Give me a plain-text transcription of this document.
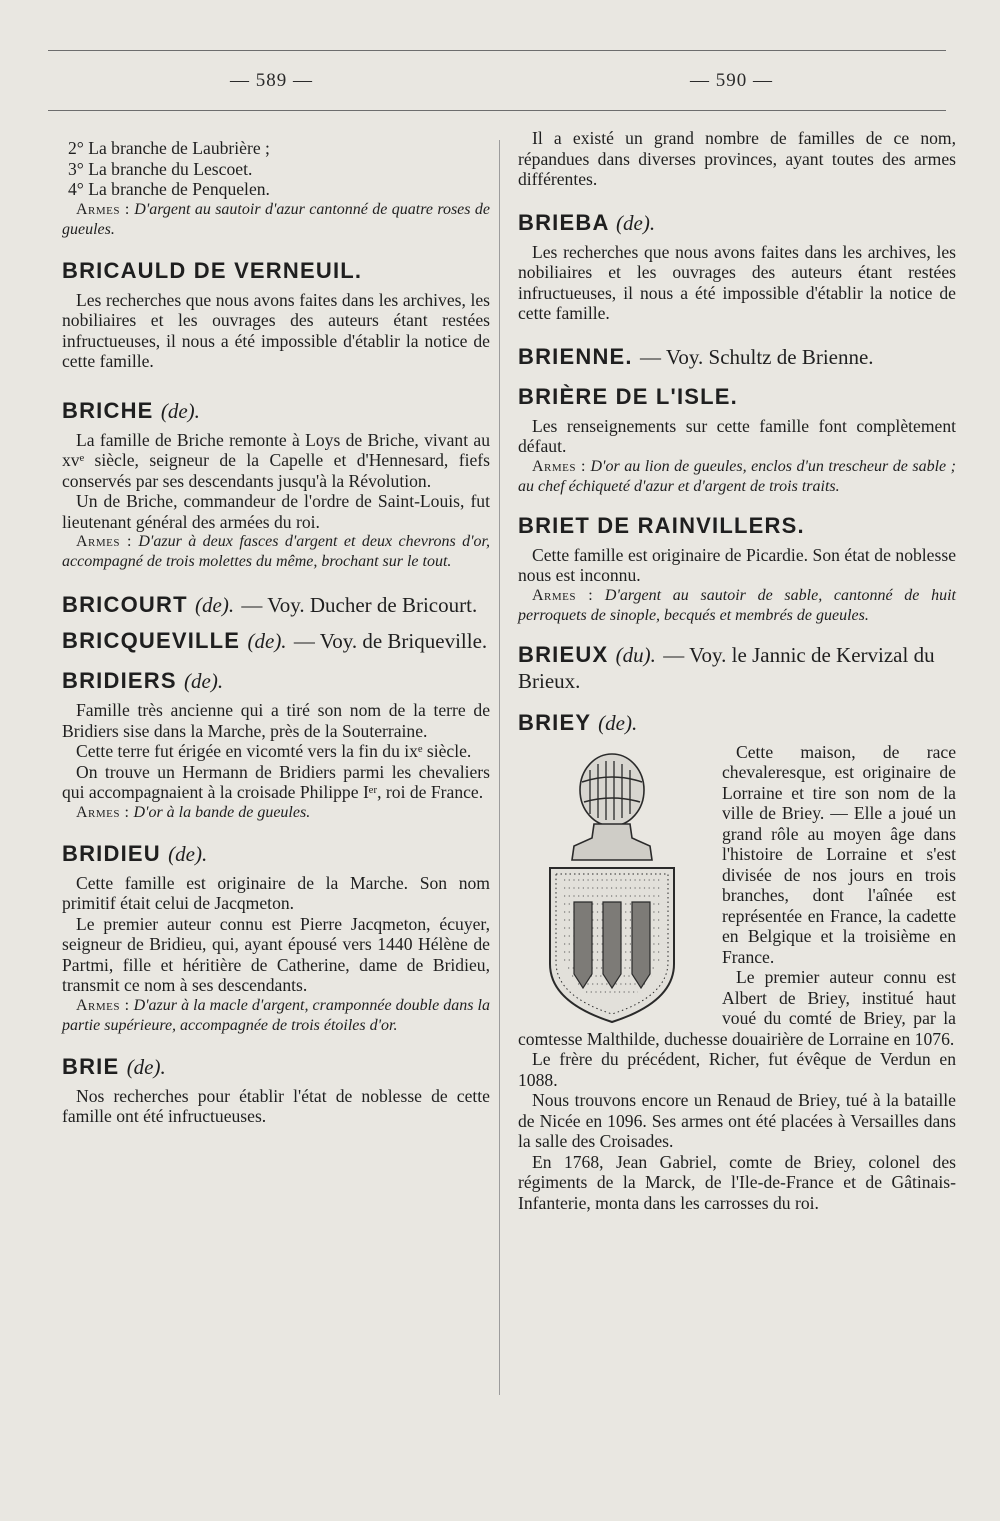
— 589 —	— 590 —

2° La branche de Laubrière ;

3° La branche du Lescoet.

4° La branche de Penquelen.

Armes : D'argent au sautoir d'azur cantonné de quatre roses de gueules.

BRICAULD DE VERNEUIL.

Les recherches que nous avons faites dans les archives, les nobiliaires et les ouvrages des auteurs étant restées infructueuses, il nous a été impossible d'établir la notice de cette famille.

BRICHE (de).

La famille de Briche remonte à Loys de Briche, vivant au xvᵉ siècle, seigneur de la Capelle et d'Hennesard, fiefs conservés par ses descendants jusqu'à la Révolution.

Un de Briche, commandeur de l'ordre de Saint-Louis, fut lieutenant général des armées du roi.

Armes : D'azur à deux fasces d'argent et deux chevrons d'or, accompagné de trois molettes du même, brochant sur le tout.

BRICOURT (de). — Voy. Ducher de Bricourt.
BRICQUEVILLE (de). — Voy. de Briqueville.
BRIDIERS (de).

Famille très ancienne qui a tiré son nom de la terre de Bridiers sise dans la Marche, près de la Souterraine.

Cette terre fut érigée en vicomté vers la fin du ixᵉ siècle.

On trouve un Hermann de Bridiers parmi les chevaliers qui accompagnaient à la croisade Philippe Iᵉʳ, roi de France.

Armes : D'or à la bande de gueules.

BRIDIEU (de).

Cette famille est originaire de la Marche. Son nom primitif était celui de Jacqmeton.

Le premier auteur connu est Pierre Jacqmeton, écuyer, seigneur de Bridieu, qui, ayant épousé vers 1440 Hélène de Partmi, fille et héritière de Catherine, dame de Bridieu, transmit ce nom à ses descendants.

Armes : D'azur à la macle d'argent, cramponnée double dans la partie supérieure, accompagnée de trois étoiles d'or.

BRIE (de).

Nos recherches pour établir l'état de noblesse de cette famille ont été infructueuses.

Il a existé un grand nombre de familles de ce nom, répandues dans diverses provinces, ayant toutes des armes différentes.

BRIEBA (de).

Les recherches que nous avons faites dans les archives, les nobiliaires et les ouvrages des auteurs étant restées infructueuses, il nous a été impossible d'établir la notice de cette famille.

BRIENNE. — Voy. Schultz de Brienne.
BRIÈRE DE L'ISLE.

Les renseignements sur cette famille font complètement défaut.

Armes : D'or au lion de gueules, enclos d'un trescheur de sable ; au chef échiqueté d'azur et d'argent de trois traits.

BRIET DE RAINVILLERS.

Cette famille est originaire de Picardie. Son état de noblesse nous est inconnu.

Armes : D'argent au sautoir de sable, cantonné de huit perroquets de sinople, becqués et membrés de gueules.

BRIEUX (du). — Voy. le Jannic de Kervizal du Brieux.
BRIEY (de).

Cette maison, de race chevaleresque, est originaire de Lorraine et tire son nom de la ville de Briey. — Elle a joué un grand rôle au moyen âge dans l'histoire de Lorraine et s'est divisée de nos jours en trois branches, dont l'aînée est représentée en France, la cadette en Belgique et la troisième en France.

Le premier auteur connu est Albert de Briey, institué haut voué du comté de Briey, par la comtesse Malthilde, duchesse douairière de Lorraine en 1076.

Le frère du précédent, Richer, fut évêque de Verdun en 1088.

Nous trouvons encore un Renaud de Briey, tué à la bataille de Nicée en 1096. Ses armes ont été placées à Versailles dans la salle des Croisades.

En 1768, Jean Gabriel, comte de Briey, colonel des régiments de la Marck, de l'Ile-de-France et de Gâtinais-Infanterie, monta dans les carrosses du roi.
